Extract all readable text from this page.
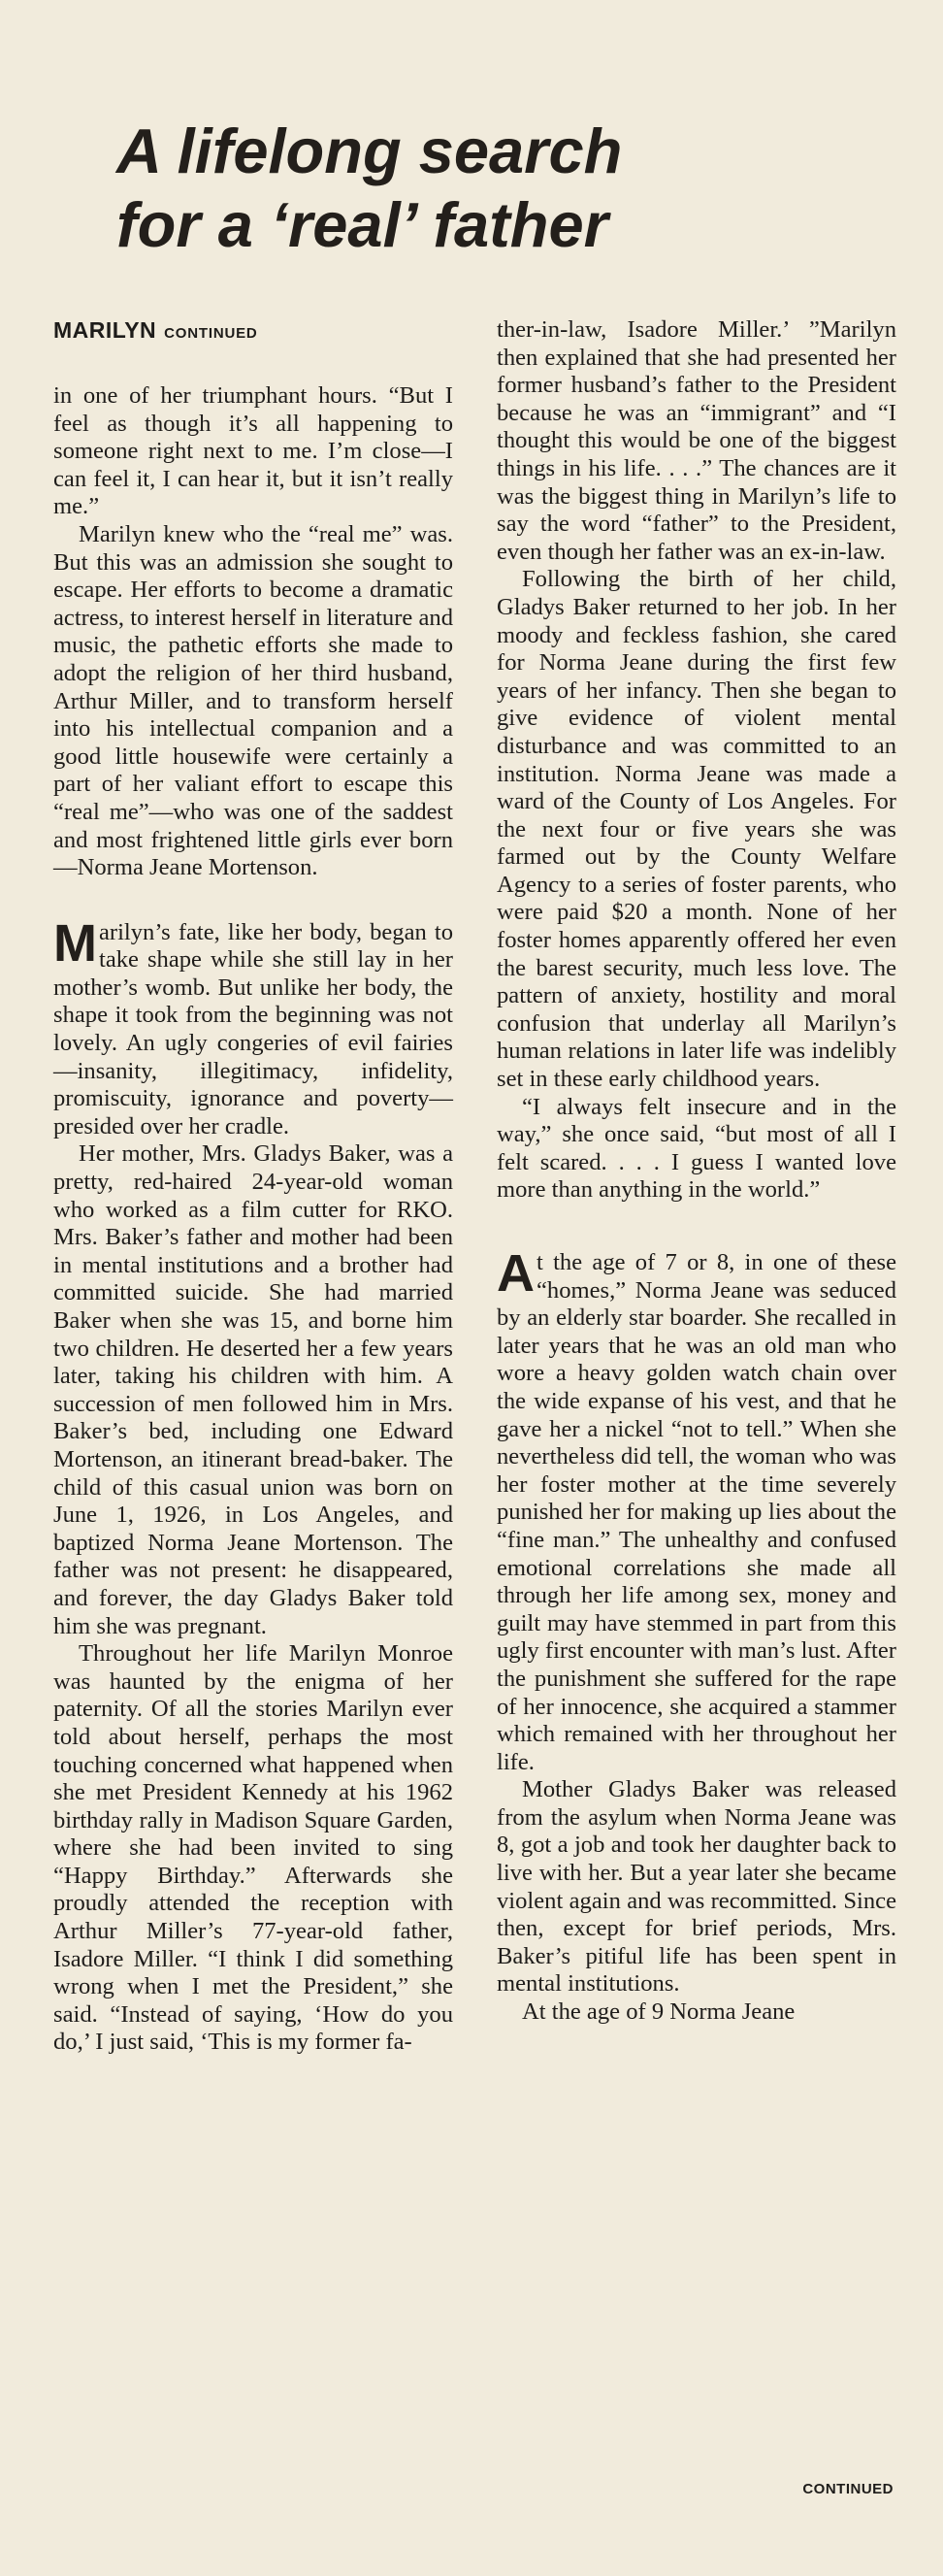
A lifelong search
for a ‘real’ father
MARILYN CONTINUED

in one of her triumphant hours. “But I feel as though it’s all happening to someone right next to me. I’m close—I can feel it, I can hear it, but it isn’t really me.”

Marilyn knew who the “real me” was. But this was an admission she sought to escape. Her efforts to become a dramatic actress, to interest herself in literature and music, the pathetic efforts she made to adopt the religion of her third husband, Arthur Miller, and to transform herself into his intellectual companion and a good little housewife were certainly a part of her valiant effort to escape this “real me”—who was one of the saddest and most frightened little girls ever born—Norma Jeane Mortenson.

Marilyn’s fate, like her body, began to take shape while she still lay in her mother’s womb. But unlike her body, the shape it took from the beginning was not lovely. An ugly congeries of evil fairies—insanity, illegitimacy, infidelity, promiscuity, ignorance and poverty—presided over her cradle.

Her mother, Mrs. Gladys Baker, was a pretty, red-haired 24-year-old woman who worked as a film cutter for RKO. Mrs. Baker’s father and mother had been in mental institutions and a brother had committed suicide. She had married Baker when she was 15, and borne him two children. He deserted her a few years later, taking his children with him. A succession of men followed him in Mrs. Baker’s bed, including one Edward Mortenson, an itinerant bread-baker. The child of this casual union was born on June 1, 1926, in Los Angeles, and baptized Norma Jeane Mortenson. The father was not present: he disappeared, and forever, the day Gladys Baker told him she was pregnant.

Throughout her life Marilyn Monroe was haunted by the enigma of her paternity. Of all the stories Marilyn ever told about herself, perhaps the most touching concerned what happened when she met President Kennedy at his 1962 birthday rally in Madison Square Garden, where she had been invited to sing “Happy Birthday.” Afterwards she proudly attended the reception with Arthur Miller’s 77-year-old father, Isadore Miller. “I think I did something wrong when I met the President,” she said. “Instead of saying, ‘How do you do,’ I just said, ‘This is my former fa-

ther-in-law, Isadore Miller.’ ”Marilyn then explained that she had presented her former husband’s father to the President because he was an “immigrant” and “I thought this would be one of the biggest things in his life. . . .” The chances are it was the biggest thing in Marilyn’s life to say the word “father” to the President, even though her father was an ex-in-law.

Following the birth of her child, Gladys Baker returned to her job. In her moody and feckless fashion, she cared for Norma Jeane during the first few years of her infancy. Then she began to give evidence of violent mental disturbance and was committed to an institution. Norma Jeane was made a ward of the County of Los Angeles. For the next four or five years she was farmed out by the County Welfare Agency to a series of foster parents, who were paid $20 a month. None of her foster homes apparently offered her even the barest security, much less love. The pattern of anxiety, hostility and moral confusion that underlay all Marilyn’s human relations in later life was indelibly set in these early childhood years.

“I always felt insecure and in the way,” she once said, “but most of all I felt scared. . . . I guess I wanted love more than anything in the world.”

At the age of 7 or 8, in one of these “homes,” Norma Jeane was seduced by an elderly star boarder. She recalled in later years that he was an old man who wore a heavy golden watch chain over the wide expanse of his vest, and that he gave her a nickel “not to tell.” When she nevertheless did tell, the woman who was her foster mother at the time severely punished her for making up lies about the “fine man.” The unhealthy and confused emotional correlations she made all through her life among sex, money and guilt may have stemmed in part from this ugly first encounter with man’s lust. After the punishment she suffered for the rape of her innocence, she acquired a stammer which remained with her throughout her life.

Mother Gladys Baker was released from the asylum when Norma Jeane was 8, got a job and took her daughter back to live with her. But a year later she became violent again and was recommitted. Since then, except for brief periods, Mrs. Baker’s pitiful life has been spent in mental institutions.

At the age of 9 Norma Jeane

CONTINUED
